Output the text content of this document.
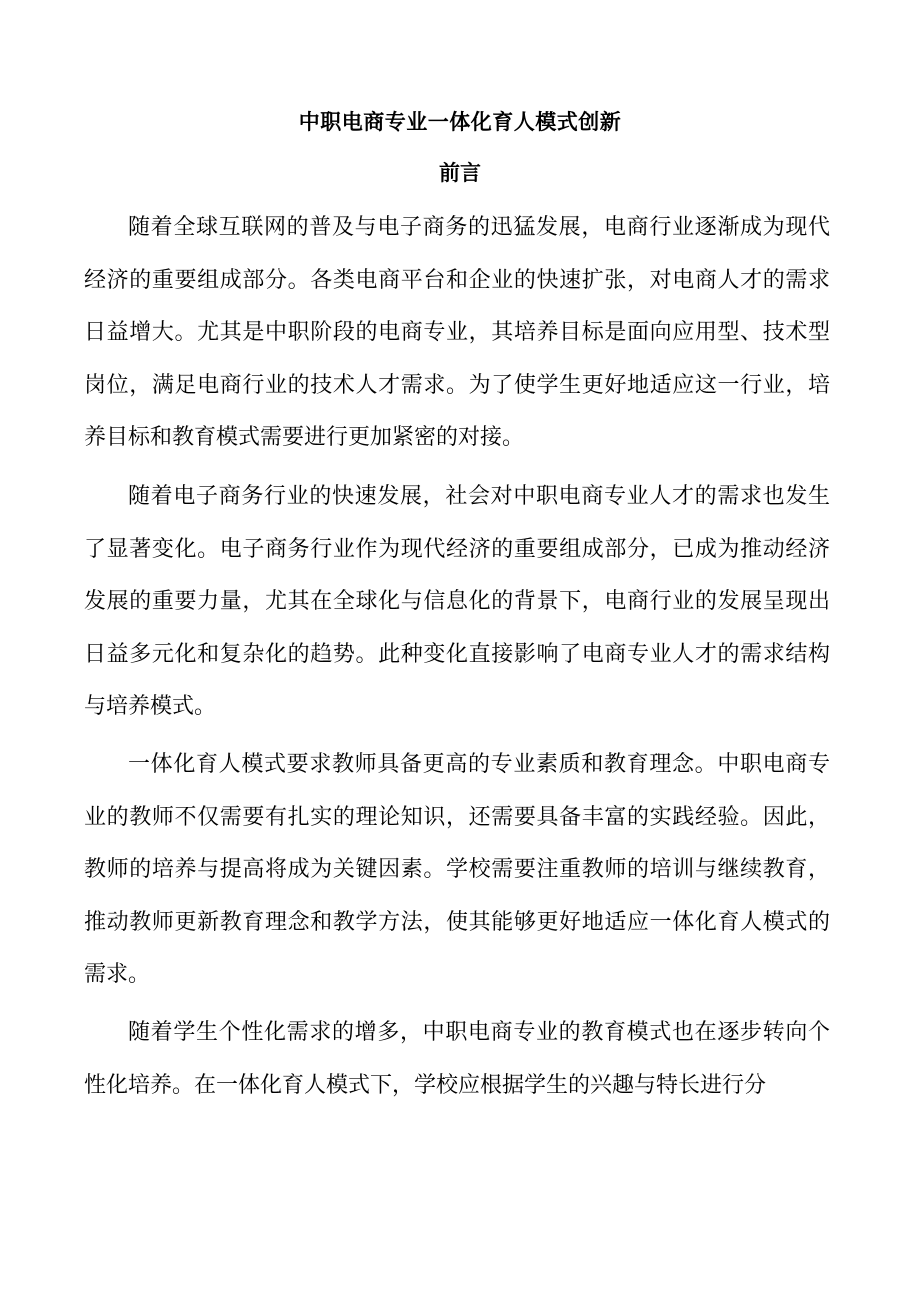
中职电商专业一体化育人模式创新
前言

随着全球互联网的普及与电子商务的迅猛发展，电商行业逐渐成为现代经济的重要组成部分。各类电商平台和企业的快速扩张，对电商人才的需求日益增大。尤其是中职阶段的电商专业，其培养目标是面向应用型、技术型岗位，满足电商行业的技术人才需求。为了使学生更好地适应这一行业，培养目标和教育模式需要进行更加紧密的对接。

随着电子商务行业的快速发展，社会对中职电商专业人才的需求也发生了显著变化。电子商务行业作为现代经济的重要组成部分，已成为推动经济发展的重要力量，尤其在全球化与信息化的背景下，电商行业的发展呈现出日益多元化和复杂化的趋势。此种变化直接影响了电商专业人才的需求结构与培养模式。

一体化育人模式要求教师具备更高的专业素质和教育理念。中职电商专业的教师不仅需要有扎实的理论知识，还需要具备丰富的实践经验。因此，教师的培养与提高将成为关键因素。学校需要注重教师的培训与继续教育，推动教师更新教育理念和教学方法，使其能够更好地适应一体化育人模式的需求。

随着学生个性化需求的增多，中职电商专业的教育模式也在逐步转向个性化培养。在一体化育人模式下，学校应根据学生的兴趣与特长进行分
